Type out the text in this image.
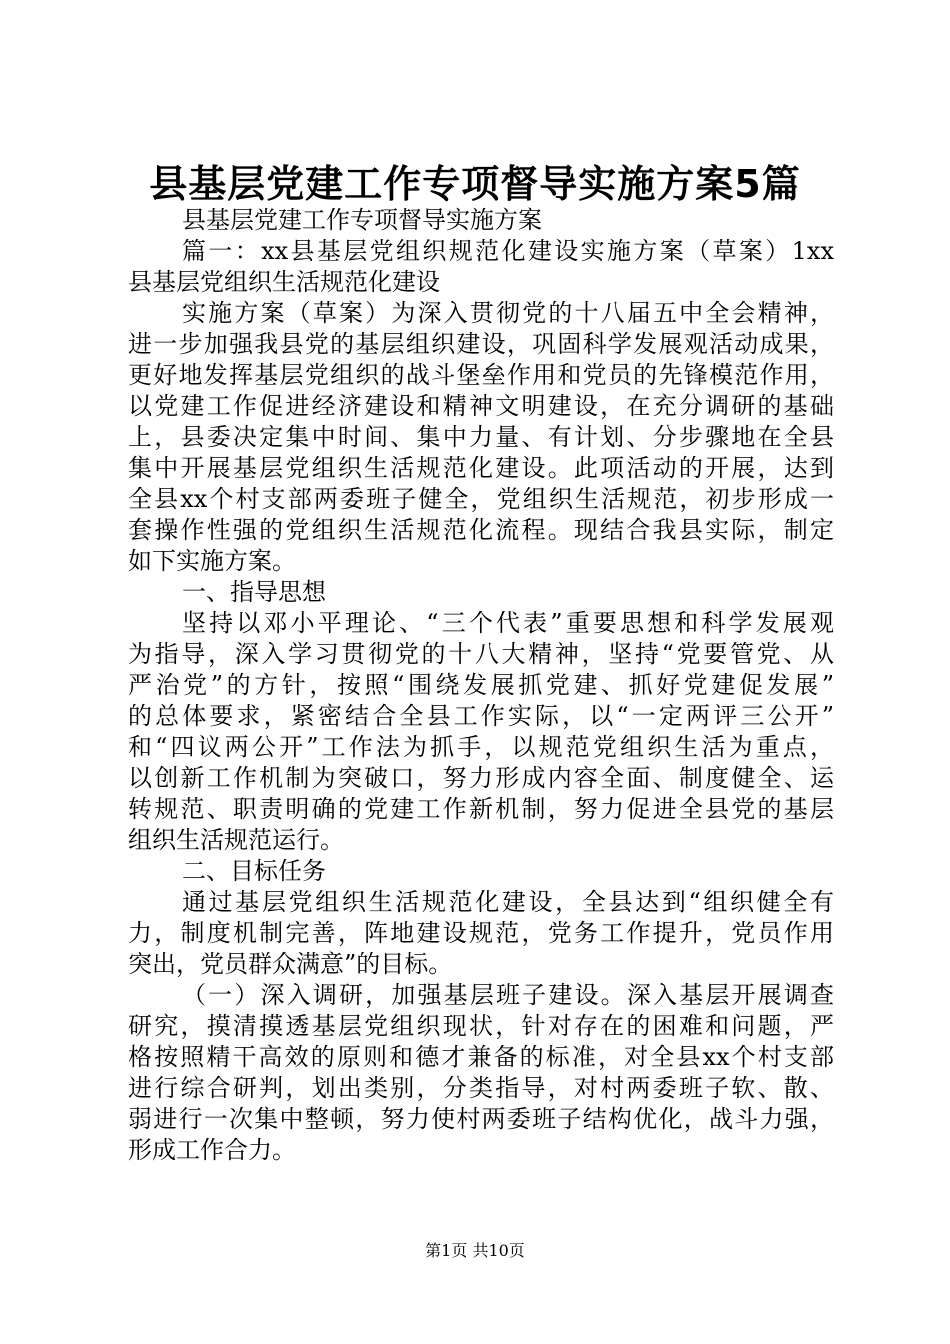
县基层党建工作专项督导实施方案5篇
县基层党建工作专项督导实施方案
篇一：xx县基层党组织规范化建设实施方案（草案）1xx
县基层党组织生活规范化建设
实施方案（草案）为深入贯彻党的十八届五中全会精神，
进一步加强我县党的基层组织建设，巩固科学发展观活动成果，
更好地发挥基层党组织的战斗堡垒作用和党员的先锋模范作用，
以党建工作促进经济建设和精神文明建设，在充分调研的基础
上，县委决定集中时间、集中力量、有计划、分步骤地在全县
集中开展基层党组织生活规范化建设。此项活动的开展，达到
全县xx个村支部两委班子健全，党组织生活规范，初步形成一
套操作性强的党组织生活规范化流程。现结合我县实际，制定
如下实施方案。
一、指导思想
坚持以邓小平理论、“三个代表”重要思想和科学发展观
为指导，深入学习贯彻党的十八大精神，坚持“党要管党、从
严治党”的方针，按照“围绕发展抓党建、抓好党建促发展”
的总体要求，紧密结合全县工作实际，以“一定两评三公开”
和“四议两公开”工作法为抓手，以规范党组织生活为重点，
以创新工作机制为突破口，努力形成内容全面、制度健全、运
转规范、职责明确的党建工作新机制，努力促进全县党的基层
组织生活规范运行。
二、目标任务
通过基层党组织生活规范化建设，全县达到“组织健全有
力，制度机制完善，阵地建设规范，党务工作提升，党员作用
突出，党员群众满意”的目标。
（一）深入调研，加强基层班子建设。深入基层开展调查
研究，摸清摸透基层党组织现状，针对存在的困难和问题，严
格按照精干高效的原则和德才兼备的标准，对全县xx个村支部
进行综合研判，划出类别，分类指导，对村两委班子软、散、
弱进行一次集中整顿，努力使村两委班子结构优化，战斗力强，
形成工作合力。
第1页 共10页
